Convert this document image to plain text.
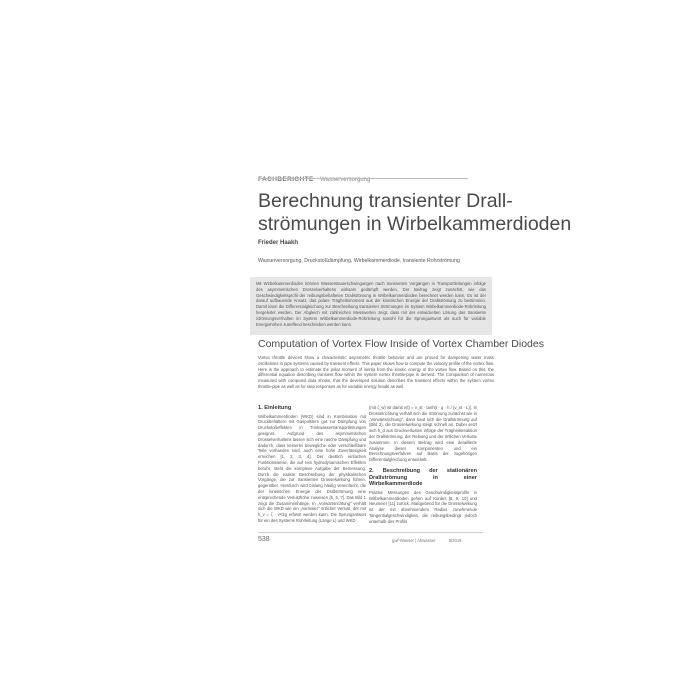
FACHBERICHTE Wasserversorgung
Berechnung transienter Drall-
strömungen in Wirbelkammerdioden
Frieder Haakh
Wasserversorgung, Druckstoßdämpfung, Wirbelkammerdiode, transiente Rohrströmung
Mit Wirbelkammerdioden können Wasserstauerschwingungen nach transienten Vorgängen in Transportleitungen infolge des asymmetrischen Drosselverhaltens wirksam gedämpft werden. Der Beitrag zeigt zunächst, wie das Geschwindigkeitsprofil der reibungsbehafteten Drallströmung in Wirbelkammerdioden berechnet werden kann. Es ist der darauf aufbauende Ansatz, das polare Trägheitsmoment aus der kinetischen Energie der Drallströmung zu bestimmen. Damit kann die Differentialgleichung zur Beschreibung transienter Strömungen im System Wirbelkammerdiode-Rohrleitung hergeleitet werden. Der Abgleich mit zahlreichen Messwerten zeigt, dass mit der entwickelten Lösung das transiente Strömungsverhalten im System Wirbelkammerdiode-Rohrleitung sowohl für die Sprungantwort als auch für variable Energiehöhen zutreffend beschrieben werden kann.
Computation of Vortex Flow Inside of Vortex Chamber Diodes
Vortex throttle devices show a characteristic asymmetric throttle behavior and are proved for dampening water mass oscillations in pipe systems caused by transient effects. This paper shows how to compute the velocity profile of the vortex flow. Here is the approach to estimate the polar moment of inertia from the kinetic energy of the vortex flow. Based on this, the differential equation describing transient flow within the system vortex throttle-pipe is derived. The Comparison of numerous measured with computed data shows, that the developed solution describes the transient effects within the system vortex throttle-pipe as well as for step responses as for variable energy heads as well.
1. Einleitung

Wirbelkammerdioden (WKD) sind in Kombination mit Druckbehältern mit Gaspolstern gut zur Dämpfung von Druckstoßeffekten in Trinkwassertransportleitungen geeignet. Aufgrund des asymmetrischen Drosselverhaltens lassen sich eine rasche Dämpfung und dadurch, dass keinerlei bewegliche oder verschleißbare Teile vorhanden sind, auch eine hohe Zuverlässigkeit erreichen [1, 2, 3, 4]. Der deutlich einfachen Funktionsweise, die auf rein hydrodynamischen Effekten beruht, steht die komplexe Aufgabe der Bemessung. Durch die exakte Beschreibung der physikalischen Vorgänge, die zur transienten Drosselwirkung führen, gegenüber. Hierdurch wird bislang häufig vereinfacht, die der kinetischen Energie der Drallströmung eine entsprechende Verlusthöhe zuweisen [5, 6, 7]. Das Bild 1 zeigt die Zusammenhänge. In „Vorwärtsrichtung“ verhält sich die WKD wie ein „normaler“ örtlicher Verlust, der mit h_v = ζ · v²/2g erfasst werden kann. Die Sprungantwort für ein des Systems Rohrleitung (Länge L) und WKD

(mit ζ_w) ist damit v(t) = v_st · tanh(t · g · h / (v_st · L)). In Drosselrichtung verhält sich die Strömung zunächst wie in „Vorwärtsrichtung“, dann baut sich die Drallströmung auf (Bild 2), die Drosselwirkung steigt schnell an. Dabei setzt sich h_d aus Druckverlusten infolge der Trägheitsreaktion der Drallströmung, der Reibung und der örtlichen Verluste zusammen. In diesem Beitrag wird eine detaillierte Analyse dieser Komponenten und ein Berechnungsverfahren auf Basis der zugehörigen Differentialgleichung entwickelt.

2. Beschreibung der stationären Drallströmung in einer Wirbelkammerdiode

Präzise Messungen des Geschwindigkeitsprofils in Wirbelkammerdioden gehen auf Kordes [8, 9, 10] und Neumeier [11] zurück. Maßgebend für die Drosselwirkung ist der mit abnehmendem Radius zunehmende Tangentialgeschwindigkeit, die reibungsbedingt jedoch unterhalb des Profils

538	gwf-Wasser | Abwasser	5/2019
